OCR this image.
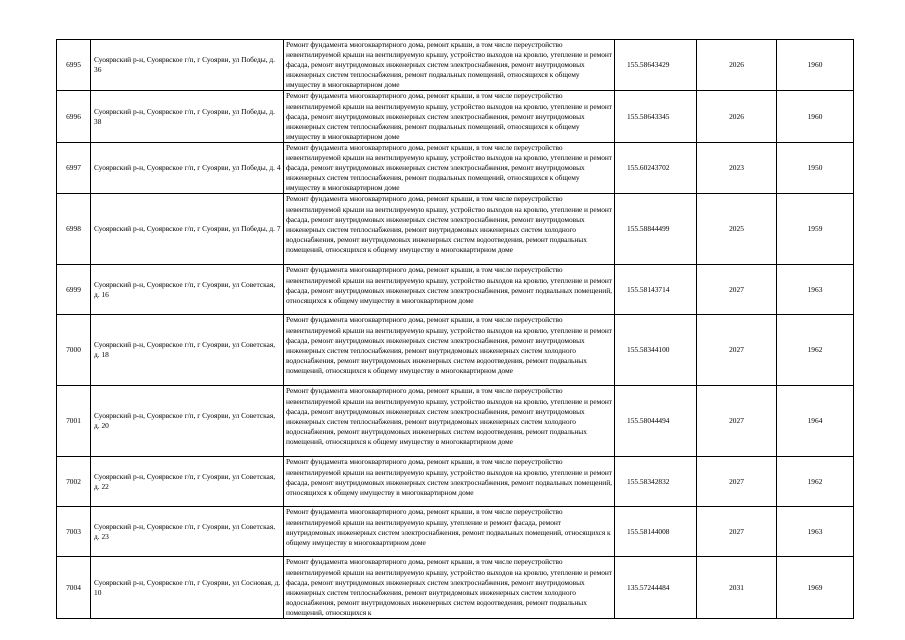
6995	Суоярвский р-н, Суоярвское г/п, г Суоярви, ул Победы, д. 36	Ремонт фундамента многоквартирного дома, ремонт крыши, в том числе переустройство невентилируемой крыши на вентилируемую крышу, устройство выходов на кровлю, утепление и ремонт фасада, ремонт внутридомовых инженерных систем электроснабжения, ремонт внутридомовых инженерных систем теплоснабжения, ремонт подвальных помещений, относящихся к общему имуществу в многоквартирном доме	155.58643429	2026	1960
6996	Суоярвский р-н, Суоярвское г/п, г Суоярви, ул Победы, д. 38	Ремонт фундамента многоквартирного дома, ремонт крыши, в том числе переустройство невентилируемой крыши на вентилируемую крышу, устройство выходов на кровлю, утепление и ремонт фасада, ремонт внутридомовых инженерных систем электроснабжения, ремонт внутридомовых инженерных систем теплоснабжения, ремонт подвальных помещений, относящихся к общему имуществу в многоквартирном доме	155.58643345	2026	1960
6997	Суоярвский р-н, Суоярвское г/п, г Суоярви, ул Победы, д. 4	Ремонт фундамента многоквартирного дома, ремонт крыши, в том числе переустройство невентилируемой крыши на вентилируемую крышу, устройство выходов на кровлю, утепление и ремонт фасада, ремонт внутридомовых инженерных систем электроснабжения, ремонт внутридомовых инженерных систем теплоснабжения, ремонт подвальных помещений, относящихся к общему имуществу в многоквартирном доме	155.60243702	2023	1950
6998	Суоярвский р-н, Суоярвское г/п, г Суоярви, ул Победы, д. 7	Ремонт фундамента многоквартирного дома, ремонт крыши, в том числе переустройство невентилируемой крыши на вентилируемую крышу, устройство выходов на кровлю, утепление и ремонт фасада, ремонт внутридомовых инженерных систем электроснабжения, ремонт внутридомовых инженерных систем теплоснабжения, ремонт внутридомовых инженерных систем холодного водоснабжения, ремонт внутридомовых инженерных систем водоотведения, ремонт подвальных помещений, относящихся к общему имуществу в многоквартирном доме	155.58844499	2025	1959
6999	Суоярвский р-н, Суоярвское г/п, г Суоярви, ул Советская, д. 16	Ремонт фундамента многоквартирного дома, ремонт крыши, в том числе переустройство невентилируемой крыши на вентилируемую крышу, устройство выходов на кровлю, утепление и ремонт фасада, ремонт внутридомовых инженерных систем электроснабжения, ремонт подвальных помещений, относящихся к общему имуществу в многоквартирном доме	155.58143714	2027	1963
7000	Суоярвский р-н, Суоярвское г/п, г Суоярви, ул Советская, д. 18	Ремонт фундамента многоквартирного дома, ремонт крыши, в том числе переустройство невентилируемой крыши на вентилируемую крышу, устройство выходов на кровлю, утепление и ремонт фасада, ремонт внутридомовых инженерных систем электроснабжения, ремонт внутридомовых инженерных систем теплоснабжения, ремонт внутридомовых инженерных систем холодного водоснабжения, ремонт внутридомовых инженерных систем водоотведения, ремонт подвальных помещений, относящихся к общему имуществу в многоквартирном доме	155.58344100	2027	1962
7001	Суоярвский р-н, Суоярвское г/п, г Суоярви, ул Советская, д. 20	Ремонт фундамента многоквартирного дома, ремонт крыши, в том числе переустройство невентилируемой крыши на вентилируемую крышу, устройство выходов на кровлю, утепление и ремонт фасада, ремонт внутридомовых инженерных систем электроснабжения, ремонт внутридомовых инженерных систем теплоснабжения, ремонт внутридомовых инженерных систем холодного водоснабжения, ремонт внутридомовых инженерных систем водоотведения, ремонт подвальных помещений, относящихся к общему имуществу в многоквартирном доме	155.58044494	2027	1964
7002	Суоярвский р-н, Суоярвское г/п, г Суоярви, ул Советская, д. 22	Ремонт фундамента многоквартирного дома, ремонт крыши, в том числе переустройство невентилируемой крыши на вентилируемую крышу, устройство выходов на кровлю, утепление и ремонт фасада, ремонт внутридомовых инженерных систем электроснабжения, ремонт подвальных помещений, относящихся к общему имуществу в многоквартирном доме	155.58342832	2027	1962
7003	Суоярвский р-н, Суоярвское г/п, г Суоярви, ул Советская, д. 23	Ремонт фундамента многоквартирного дома, ремонт крыши, в том числе переустройство невентилируемой крыши на вентилируемую крышу, утепление и ремонт фасада, ремонт внутридомовых инженерных систем электроснабжения, ремонт подвальных помещений, относящихся к общему имуществу в многоквартирном доме	155.58144008	2027	1963
7004	Суоярвский р-н, Суоярвское г/п, г Суоярви, ул Сосновая, д. 10	Ремонт фундамента многоквартирного дома, ремонт крыши, в том числе переустройство невентилируемой крыши на вентилируемую крышу, устройство выходов на кровлю, утепление и ремонт фасада, ремонт внутридомовых инженерных систем электроснабжения, ремонт внутридомовых инженерных систем теплоснабжения, ремонт внутридомовых инженерных систем холодного водоснабжения, ремонт внутридомовых инженерных систем водоотведения, ремонт подвальных помещений, относящихся к	135.57244484	2031	1969
